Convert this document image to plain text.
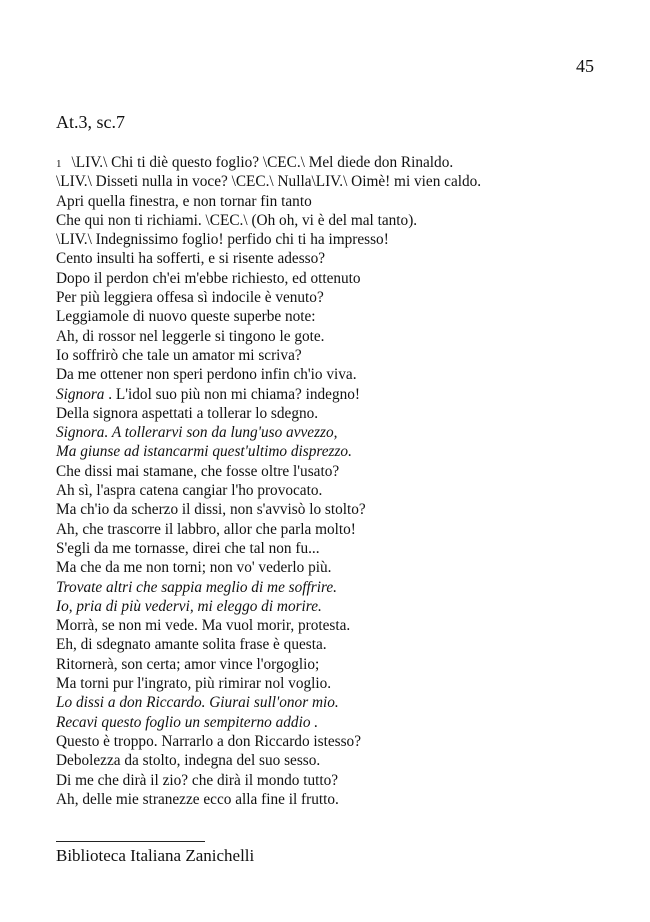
45
At.3, sc.7
1 \LIV.\ Chi ti diè questo foglio? \CEC.\ Mel diede don Rinaldo.
\LIV.\ Disseti nulla in voce? \CEC.\ Nulla\LIV.\ Oimè! mi vien caldo.
Apri quella finestra, e non tornar fin tanto
Che qui non ti richiami. \CEC.\ (Oh oh, vi è del mal tanto).
\LIV.\ Indegnissimo foglio! perfido chi ti ha impresso!
Cento insulti ha sofferti, e si risente adesso?
Dopo il perdon ch'ei m'ebbe richiesto, ed ottenuto
Per più leggiera offesa sì indocile è venuto?
Leggiamole di nuovo queste superbe note:
Ah, di rossor nel leggerle si tingono le gote.
Io soffrirò che tale un amator mi scriva?
Da me ottener non speri perdono infin ch'io viva.
Signora . L'idol suo più non mi chiama? indegno!
Della signora aspettati a tollerar lo sdegno.
Signora. A tollerarvi son da lung'uso avvezzo,
Ma giunse ad istancarmi quest'ultimo disprezzo.
Che dissi mai stamane, che fosse oltre l'usato?
Ah sì, l'aspra catena cangiar l'ho provocato.
Ma ch'io da scherzo il dissi, non s'avvisò lo stolto?
Ah, che trascorre il labbro, allor che parla molto!
S'egli da me tornasse, direi che tal non fu...
Ma che da me non torni; non vo' vederlo più.
Trovate altri che sappia meglio di me soffrire.
Io, pria di più vedervi, mi eleggo di morire.
Morrà, se non mi vede. Ma vuol morir, protesta.
Eh, di sdegnato amante solita frase è questa.
Ritornerà, son certa; amor vince l'orgoglio;
Ma torni pur l'ingrato, più rimirar nol voglio.
Lo dissi a don Riccardo. Giurai sull'onor mio.
Recavi questo foglio un sempiterno addio .
Questo è troppo. Narrarlo a don Riccardo istesso?
Debolezza da stolto, indegna del suo sesso.
Di me che dirà il zio? che dirà il mondo tutto?
Ah, delle mie stranezze ecco alla fine il frutto.
Biblioteca Italiana Zanichelli
